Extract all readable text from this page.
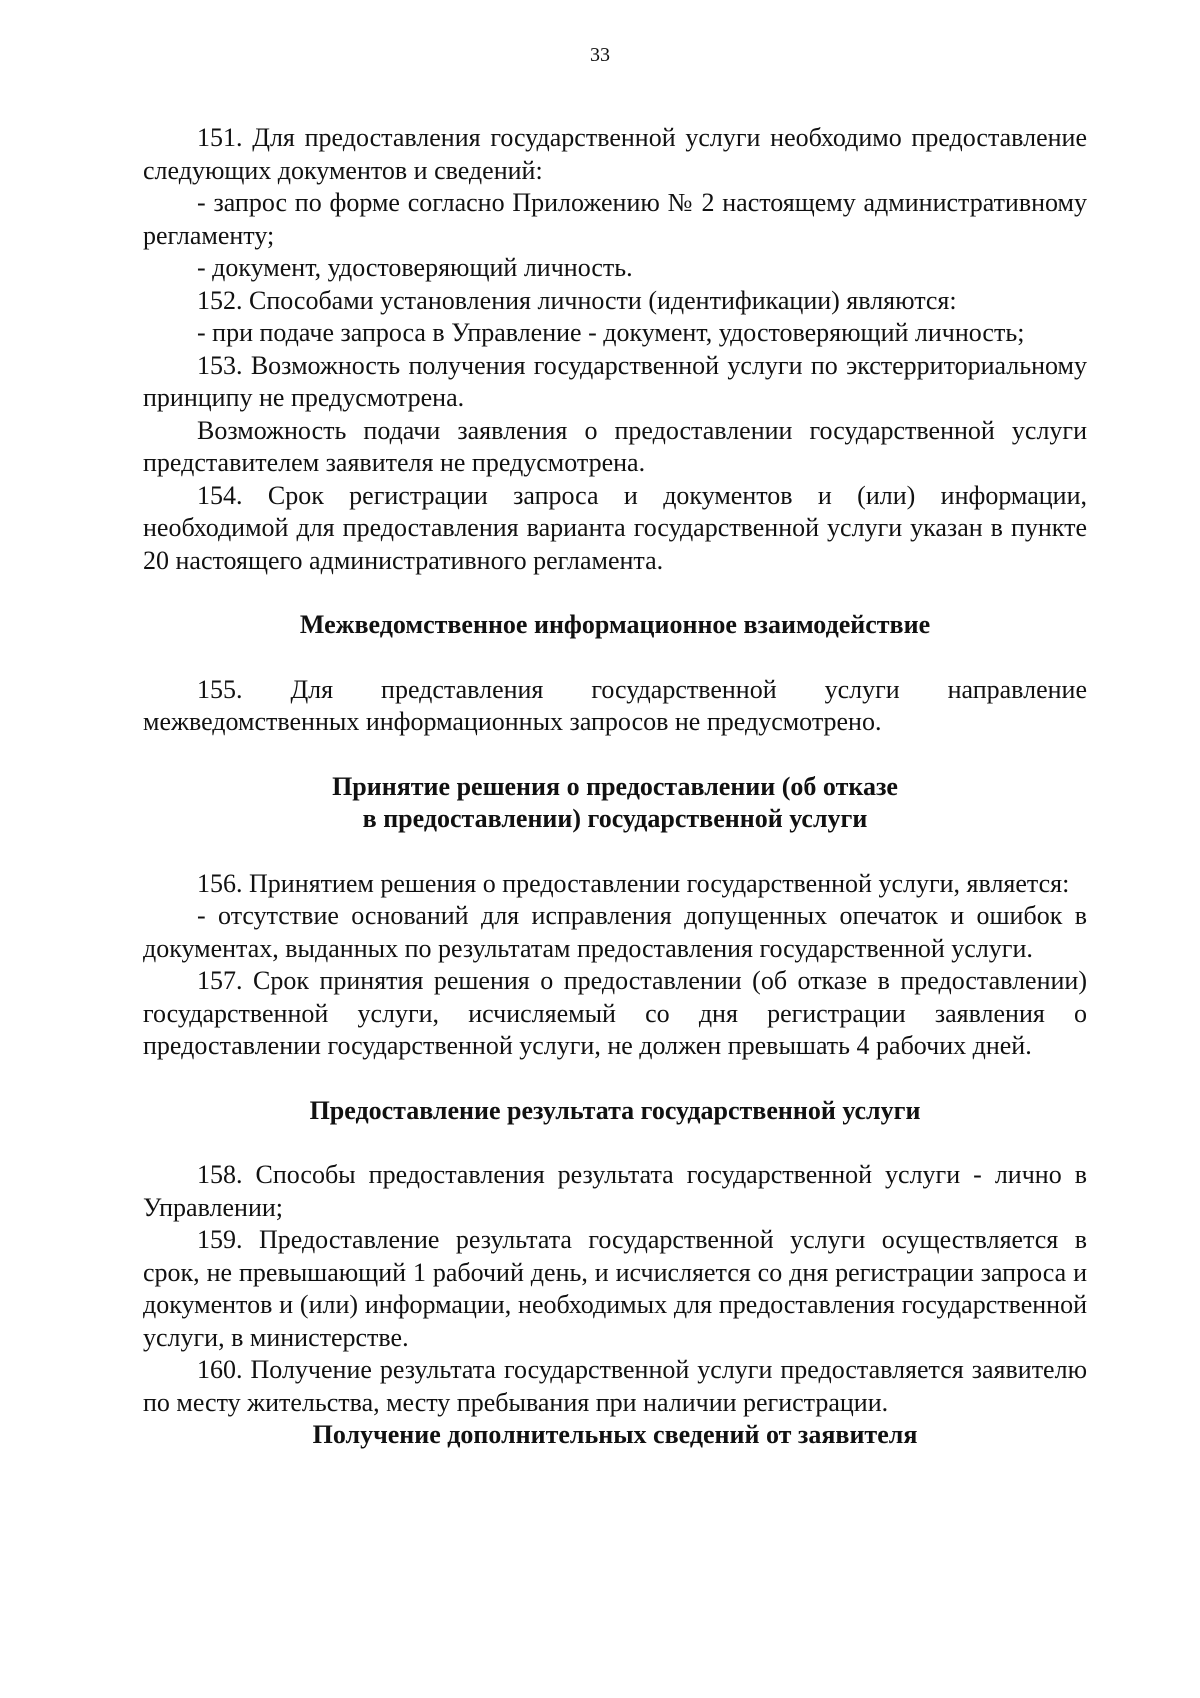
33

151. Для предоставления государственной услуги необходимо предоставление следующих документов и сведений:

- запрос по форме согласно Приложению № 2 настоящему административному регламенту;

- документ, удостоверяющий личность.

152. Способами установления личности (идентификации) являются:

- при подаче запроса в Управление - документ, удостоверяющий личность;

153. Возможность получения государственной услуги по экстерриториальному принципу не предусмотрена.

Возможность подачи заявления о предоставлении государственной услуги представителем заявителя не предусмотрена.

154. Срок регистрации запроса и документов и (или) информации, необходимой для предоставления варианта государственной услуги указан в пункте 20 настоящего административного регламента.

Межведомственное информационное взаимодействие

155. Для представления государственной услуги направление межведомственных информационных запросов не предусмотрено.

Принятие решения о предоставлении (об отказе

в предоставлении) государственной услуги

156. Принятием решения о предоставлении государственной услуги, является:

- отсутствие оснований для исправления допущенных опечаток и ошибок в документах, выданных по результатам предоставления государственной услуги.

157. Срок принятия решения о предоставлении (об отказе в предоставлении) государственной услуги, исчисляемый со дня регистрации заявления о предоставлении государственной услуги, не должен превышать 4 рабочих дней.

Предоставление результата государственной услуги

158. Способы предоставления результата государственной услуги - лично в Управлении;

159. Предоставление результата государственной услуги осуществляется в срок, не превышающий 1 рабочий день, и исчисляется со дня регистрации запроса и документов и (или) информации, необходимых для предоставления государственной услуги, в министерстве.

160. Получение результата государственной услуги предоставляется заявителю по месту жительства, месту пребывания при наличии регистрации.

Получение дополнительных сведений от заявителя
